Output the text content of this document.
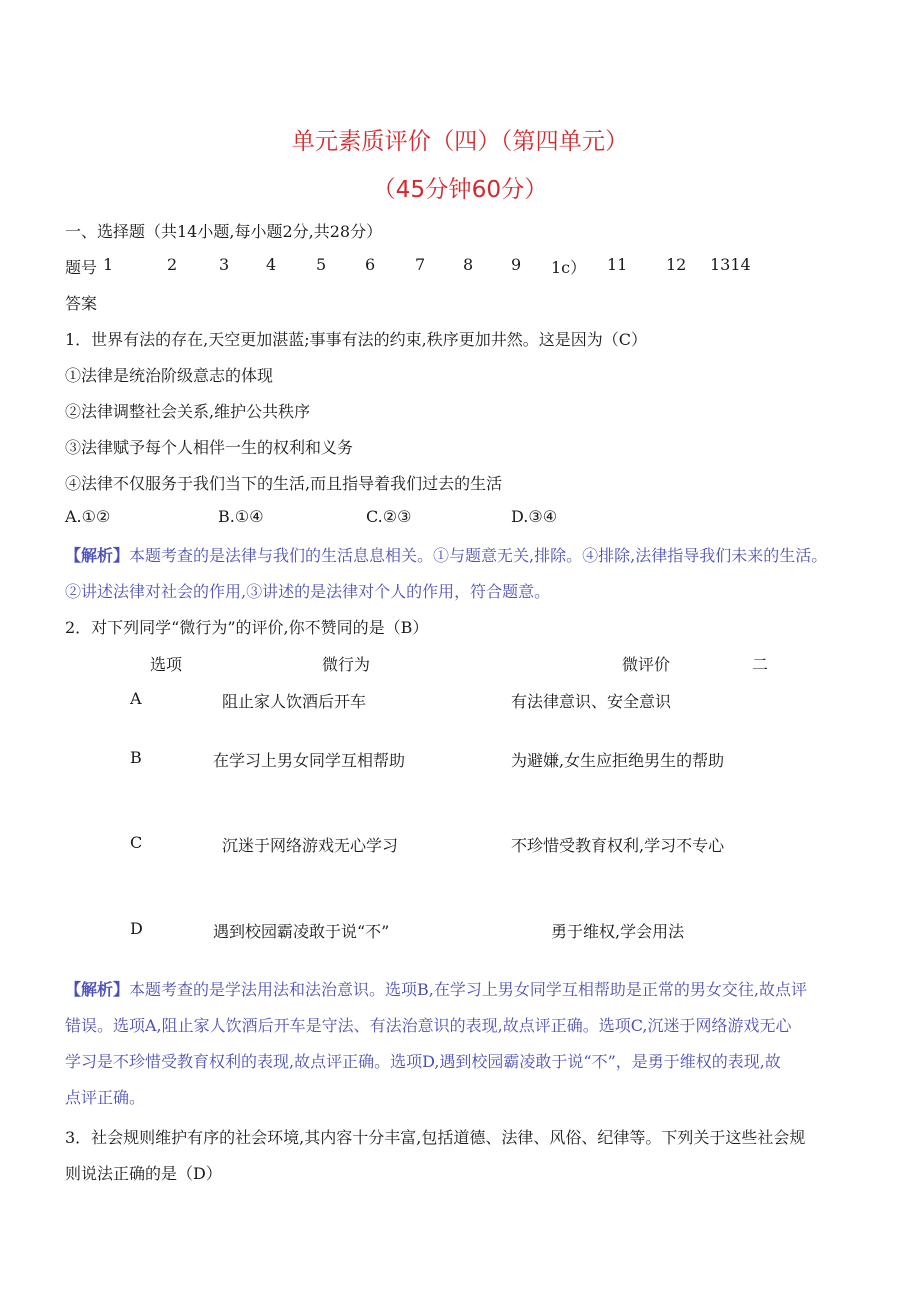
单元素质评价（四）（第四单元）
（45分钟60分）
一、选择题（共14小题,每小题2分,共28分）
题号 1	2	3 4 5 6 7 8 9 1c） 11 12 1314
答案
1．世界有法的存在,天空更加湛蓝;事事有法的约束,秩序更加井然。这是因为（C）
①法律是统治阶级意志的体现
②法律调整社会关系,维护公共秩序
③法律赋予每个人相伴一生的权利和义务
④法律不仅服务于我们当下的生活,而且指导着我们过去的生活
A.①②	B.①④	C.②③	D.③④
【解析】本题考查的是法律与我们的生活息息相关。①与题意无关,排除。④排除,法律指导我们未来的生活。
②讲述法律对社会的作用,③讲述的是法律对个人的作用，符合题意。
2．对下列同学“微行为”的评价,你不赞同的是（B）
选项	微行为	微评价	二
A	阻止家人饮酒后开车	有法律意识、安全意识
B	在学习上男女同学互相帮助	为避嫌,女生应拒绝男生的帮助
C	沉迷于网络游戏无心学习	不珍惜受教育权利,学习不专心
D	遇到校园霸凌敢于说“不”	勇于维权,学会用法
【解析】本题考查的是学法用法和法治意识。选项B,在学习上男女同学互相帮助是正常的男女交往,故点评
错误。选项A,阻止家人饮酒后开车是守法、有法治意识的表现,故点评正确。选项C,沉迷于网络游戏无心
学习是不珍惜受教育权利的表现,故点评正确。选项D,遇到校园霸凌敢于说“不”，是勇于维权的表现,故
点评正确。
3．社会规则维护有序的社会环境,其内容十分丰富,包括道德、法律、风俗、纪律等。下列关于这些社会规
则说法正确的是（D）
